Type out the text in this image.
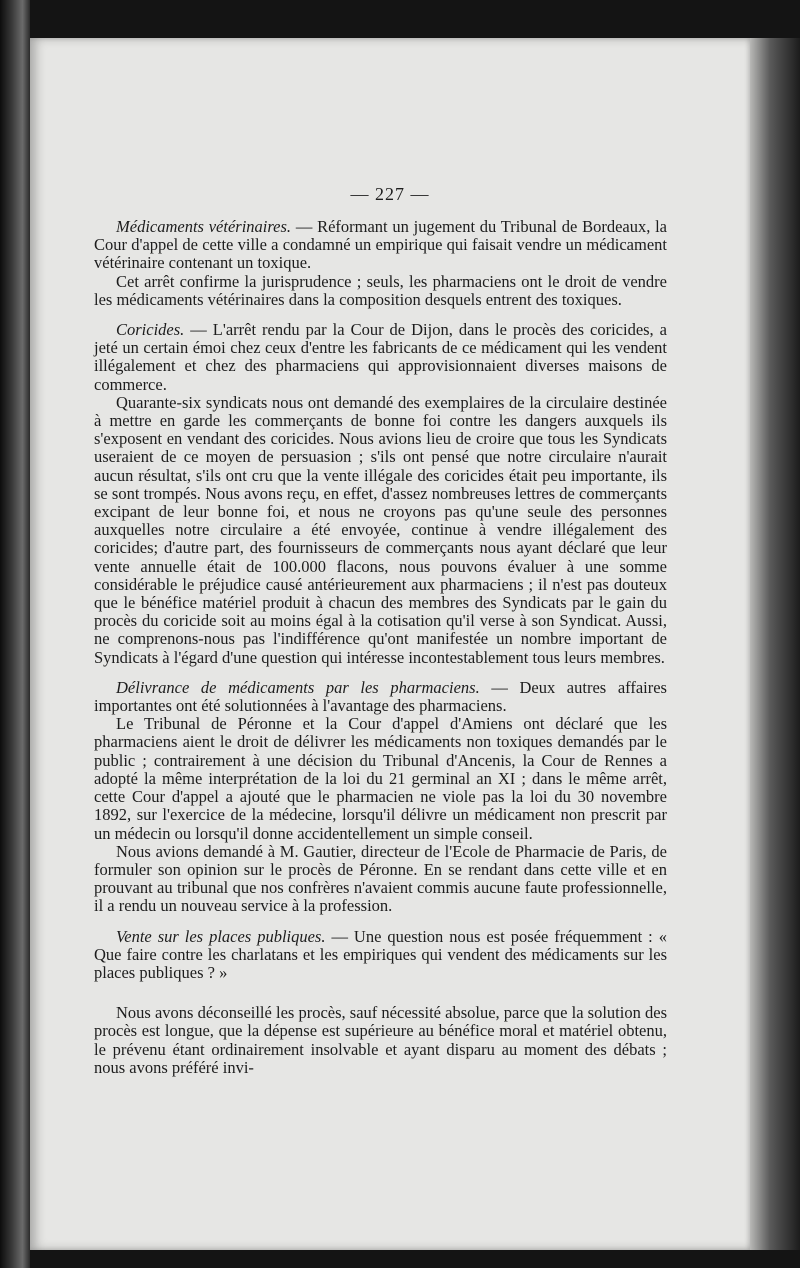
— 227 —

Médicaments vétérinaires. — Réformant un jugement du Tribunal de Bordeaux, la Cour d'appel de cette ville a condamné un empirique qui faisait vendre un médicament vétérinaire contenant un toxique.

Cet arrêt confirme la jurisprudence ; seuls, les pharmaciens ont le droit de vendre les médicaments vétérinaires dans la composition desquels entrent des toxiques.

Coricides. — L'arrêt rendu par la Cour de Dijon, dans le procès des coricides, a jeté un certain émoi chez ceux d'entre les fabricants de ce médicament qui les vendent illégalement et chez des pharmaciens qui approvisionnaient diverses maisons de commerce.

Quarante-six syndicats nous ont demandé des exemplaires de la circulaire destinée à mettre en garde les commerçants de bonne foi contre les dangers auxquels ils s'exposent en vendant des coricides. Nous avions lieu de croire que tous les Syndicats useraient de ce moyen de persuasion ; s'ils ont pensé que notre circulaire n'aurait aucun résultat, s'ils ont cru que la vente illégale des coricides était peu importante, ils se sont trompés. Nous avons reçu, en effet, d'assez nombreuses lettres de commerçants excipant de leur bonne foi, et nous ne croyons pas qu'une seule des personnes auxquelles notre circulaire a été envoyée, continue à vendre illégalement des coricides; d'autre part, des fournisseurs de commerçants nous ayant déclaré que leur vente annuelle était de 100.000 flacons, nous pouvons évaluer à une somme considérable le préjudice causé antérieurement aux pharmaciens ; il n'est pas douteux que le bénéfice matériel produit à chacun des membres des Syndicats par le gain du procès du coricide soit au moins égal à la cotisation qu'il verse à son Syndicat. Aussi, ne comprenons-nous pas l'indifférence qu'ont manifestée un nombre important de Syndicats à l'égard d'une question qui intéresse incontestablement tous leurs membres.

Délivrance de médicaments par les pharmaciens. — Deux autres affaires importantes ont été solutionnées à l'avantage des pharmaciens.

Le Tribunal de Péronne et la Cour d'appel d'Amiens ont déclaré que les pharmaciens aient le droit de délivrer les médicaments non toxiques demandés par le public ; contrairement à une décision du Tribunal d'Ancenis, la Cour de Rennes a adopté la même interprétation de la loi du 21 germinal an XI ; dans le même arrêt, cette Cour d'appel a ajouté que le pharmacien ne viole pas la loi du 30 novembre 1892, sur l'exercice de la médecine, lorsqu'il délivre un médicament non prescrit par un médecin ou lorsqu'il donne accidentellement un simple conseil.

Nous avions demandé à M. Gautier, directeur de l'Ecole de Pharmacie de Paris, de formuler son opinion sur le procès de Péronne. En se rendant dans cette ville et en prouvant au tribunal que nos confrères n'avaient commis aucune faute professionnelle, il a rendu un nouveau service à la profession.

Vente sur les places publiques. — Une question nous est posée fréquemment : « Que faire contre les charlatans et les empiriques qui vendent des médicaments sur les places publiques ? »

Nous avons déconseillé les procès, sauf nécessité absolue, parce que la solution des procès est longue, que la dépense est supérieure au bénéfice moral et matériel obtenu, le prévenu étant ordinairement insolvable et ayant disparu au moment des débats ; nous avons préféré invi-
